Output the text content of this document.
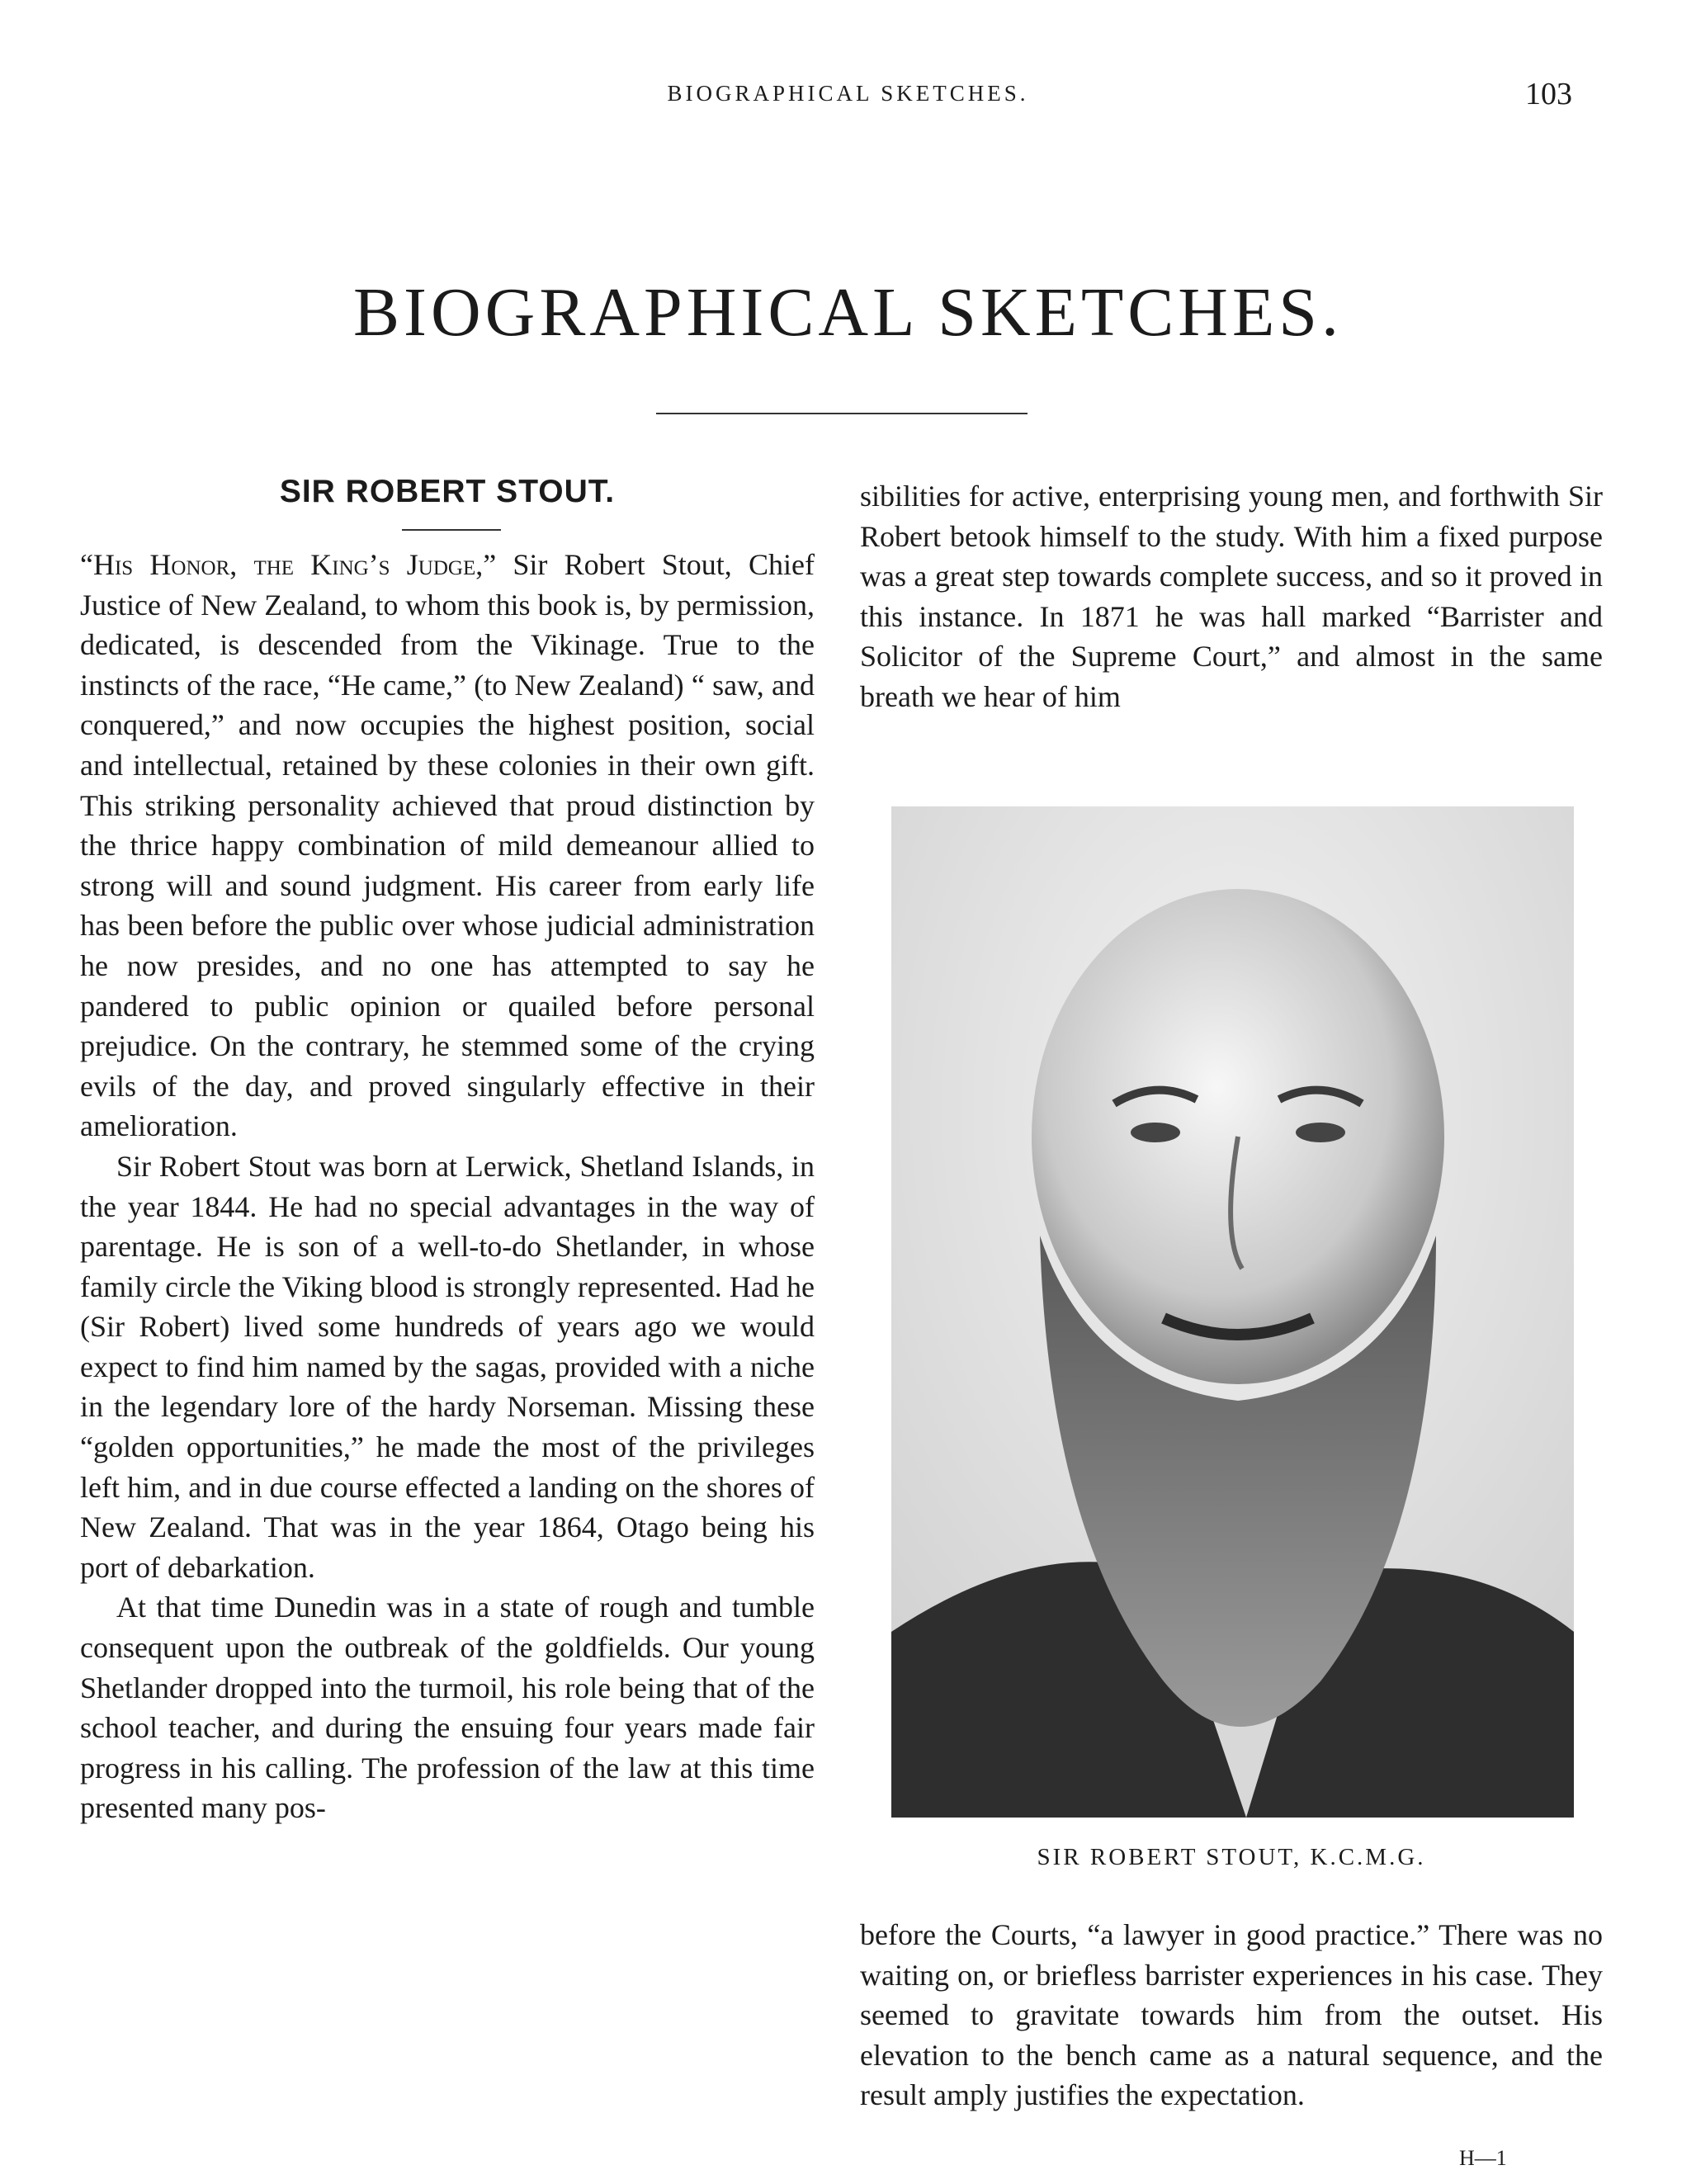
BIOGRAPHICAL SKETCHES.	103
BIOGRAPHICAL SKETCHES.
SIR ROBERT STOUT.

“His Honor, the King’s Judge,” Sir Robert Stout, Chief Justice of New Zealand, to whom this book is, by permission, dedicated, is descended from the Vikinage. True to the instincts of the race, “He came,” (to New Zealand) “ saw, and conquered,” and now occupies the highest position, social and intellectual, retained by these colonies in their own gift. This striking personality achieved that proud distinction by the thrice happy combination of mild demeanour allied to strong will and sound judgment. His career from early life has been before the public over whose judicial administration he now presides, and no one has attempted to say he pandered to public opinion or quailed before personal prejudice. On the contrary, he stemmed some of the crying evils of the day, and proved singularly effective in their amelioration.

Sir Robert Stout was born at Lerwick, Shetland Islands, in the year 1844. He had no special advantages in the way of parentage. He is son of a well-to-do Shetlander, in whose family circle the Viking blood is strongly represented. Had he (Sir Robert) lived some hundreds of years ago we would expect to find him named by the sagas, provided with a niche in the legendary lore of the hardy Norseman. Missing these “golden opportunities,” he made the most of the privileges left him, and in due course effected a landing on the shores of New Zealand. That was in the year 1864, Otago being his port of debarkation.

At that time Dunedin was in a state of rough and tumble consequent upon the outbreak of the goldfields. Our young Shetlander dropped into the turmoil, his role being that of the school teacher, and during the ensuing four years made fair progress in his calling. The profession of the law at this time presented many pos-

sibilities for active, enterprising young men, and forthwith Sir Robert betook himself to the study. With him a fixed purpose was a great step towards complete success, and so it proved in this instance. In 1871 he was hall marked “Barrister and Solicitor of the Supreme Court,” and almost in the same breath we hear of him

SIR ROBERT STOUT, K.C.M.G.

before the Courts, “a lawyer in good practice.” There was no waiting on, or briefless barrister experiences in his case. They seemed to gravitate towards him from the outset. His elevation to the bench came as a natural sequence, and the result amply justifies the expectation.

H—1
